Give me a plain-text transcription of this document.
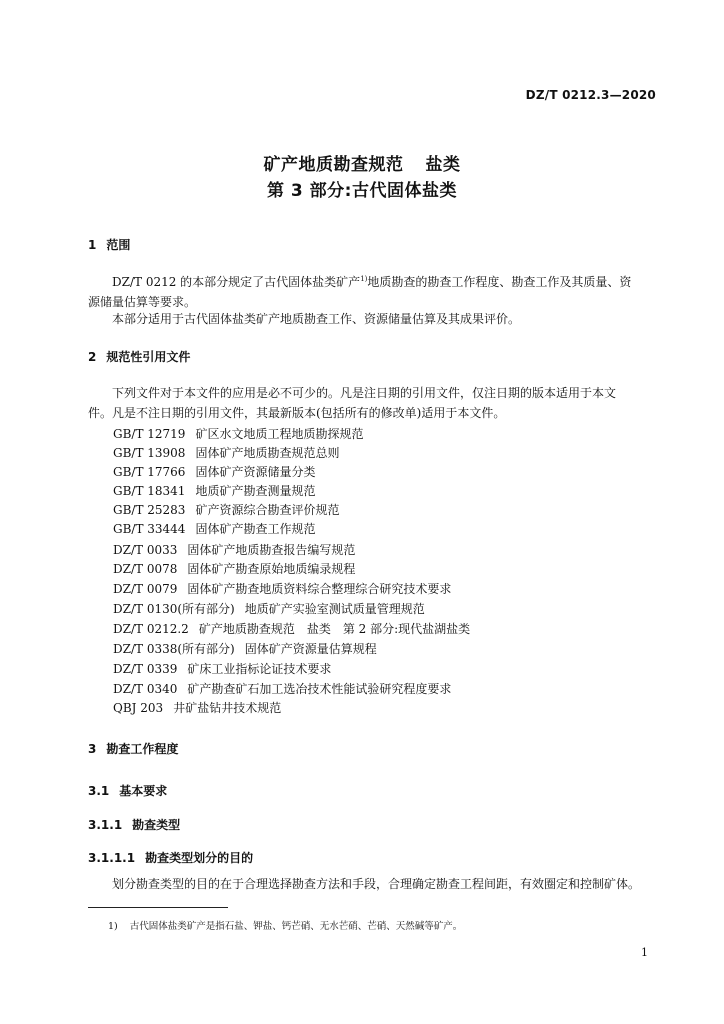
DZ/T 0212.3—2020
矿产地质勘查规范 盐类
第 3 部分:古代固体盐类
1 范围
DZ/T 0212 的本部分规定了古代固体盐类矿产$^{1)}$地质勘查的勘查工作程度、勘查工作及其质量、资
源储量估算等要求。
本部分适用于古代固体盐类矿产地质勘查工作、资源储量估算及其成果评价。
2 规范性引用文件
下列文件对于本文件的应用是必不可少的。凡是注日期的引用文件，仅注日期的版本适用于本文
件。凡是不注日期的引用文件，其最新版本(包括所有的修改单)适用于本文件。
GB/T 12719 矿区水文地质工程地质勘探规范
GB/T 13908 固体矿产地质勘查规范总则
GB/T 17766 固体矿产资源储量分类
GB/T 18341 地质矿产勘查测量规范
GB/T 25283 矿产资源综合勘查评价规范
GB/T 33444 固体矿产勘查工作规范
DZ/T 0033 固体矿产地质勘查报告编写规范
DZ/T 0078 固体矿产勘查原始地质编录规程
DZ/T 0079 固体矿产勘查地质资料综合整理综合研究技术要求
DZ/T 0130(所有部分) 地质矿产实验室测试质量管理规范
DZ/T 0212.2 矿产地质勘查规范　盐类　第 2 部分:现代盐湖盐类
DZ/T 0338(所有部分) 固体矿产资源量估算规程
DZ/T 0339 矿床工业指标论证技术要求
DZ/T 0340 矿产勘查矿石加工选冶技术性能试验研究程度要求
QBJ 203 井矿盐钻井技术规范
3 勘查工作程度
3.1 基本要求
3.1.1 勘查类型
3.1.1.1 勘查类型划分的目的
划分勘查类型的目的在于合理选择勘查方法和手段，合理确定勘查工程间距，有效圈定和控制矿体。
1) 古代固体盐类矿产是指石盐、钾盐、钙芒硝、无水芒硝、芒硝、天然碱等矿产。
1
